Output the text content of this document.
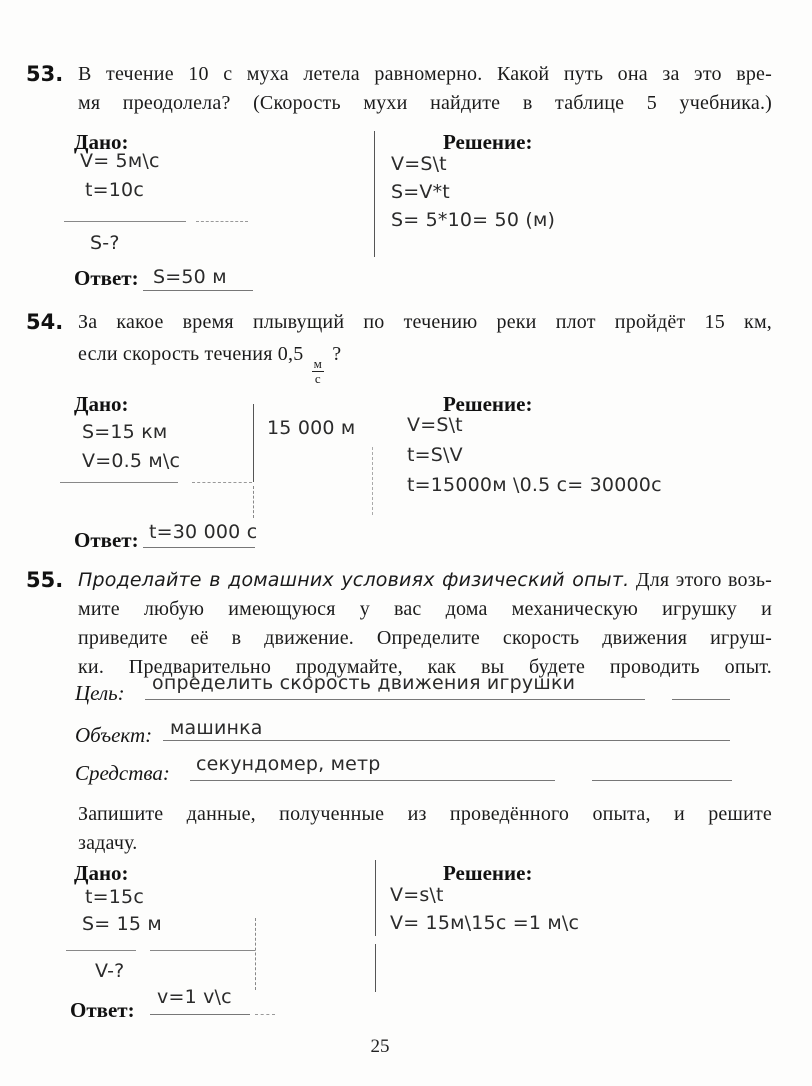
53. В течение 10 с муха летела равномерно. Какой путь она за это вре-
мя преодолела? (Скорость мухи найдите в таблице 5 учебника.)
Дано:
V= 5м\с
t=10с
S-?
Решение:
V=S\t
S=V*t
S= 5*10= 50 (м)
Ответ: S=50 м
54. За какое время плывущий по течению реки плот пройдёт 15 км,
если скорость течения 0,5
$\frac{м}{с}$
?
Дано:
S=15 км
V=0.5 м\с
15 000 м
Решение:
V=S\t
t=S\V
t=15000м \0.5 с= 30000с
Ответ: t=30 000 с
55. Проделайте в домашних условиях физический опыт. Для этого возь-
мите любую имеющуюся у вас дома механическую игрушку и
приведите её в движение. Определите скорость движения игруш-
ки. Предварительно продумайте, как вы будете проводить опыт.
Цель: определить скорость движения игрушки
Объект: машинка
Средства: секундомер, метр
Запишите данные, полученные из проведённого опыта, и решите
задачу.
Дано:
t=15с
S= 15 м
V-?
Решение:
V=s\t
V= 15м\15с =1 м\с
Ответ:
v=1 v\с
25
